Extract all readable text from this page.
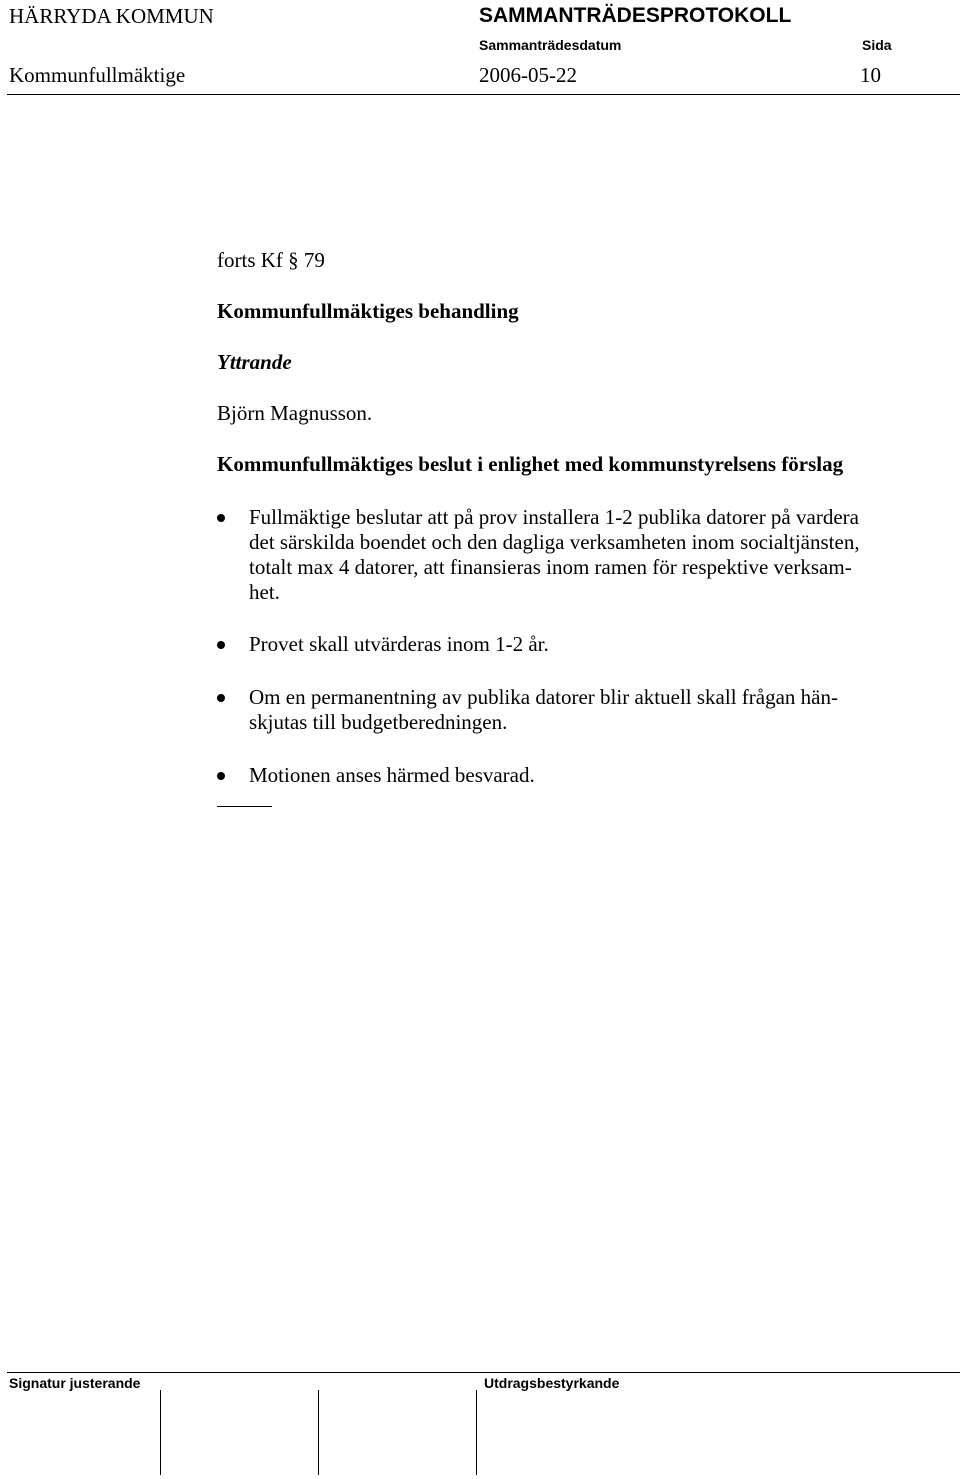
HÄRRYDA KOMMUN	SAMMANTRÄDESPROTOKOLL
Sammanträdesdatum	Sida
Kommunfullmäktige	2006-05-22	10
forts Kf § 79
Kommunfullmäktiges behandling
Yttrande
Björn Magnusson.
Kommunfullmäktiges beslut i enlighet med kommunstyrelsens förslag
Fullmäktige beslutar att på prov installera 1-2 publika datorer på vardera
det särskilda boendet och den dagliga verksamheten inom socialtjänsten,
totalt max 4 datorer, att finansieras inom ramen för respektive verksam-
het.
Provet skall utvärderas inom 1-2 år.
Om en permanentning av publika datorer blir aktuell skall frågan hän-
skjutas till budgetberedningen.
Motionen anses härmed besvarad.
Signatur justerande	Utdragsbestyrkande
